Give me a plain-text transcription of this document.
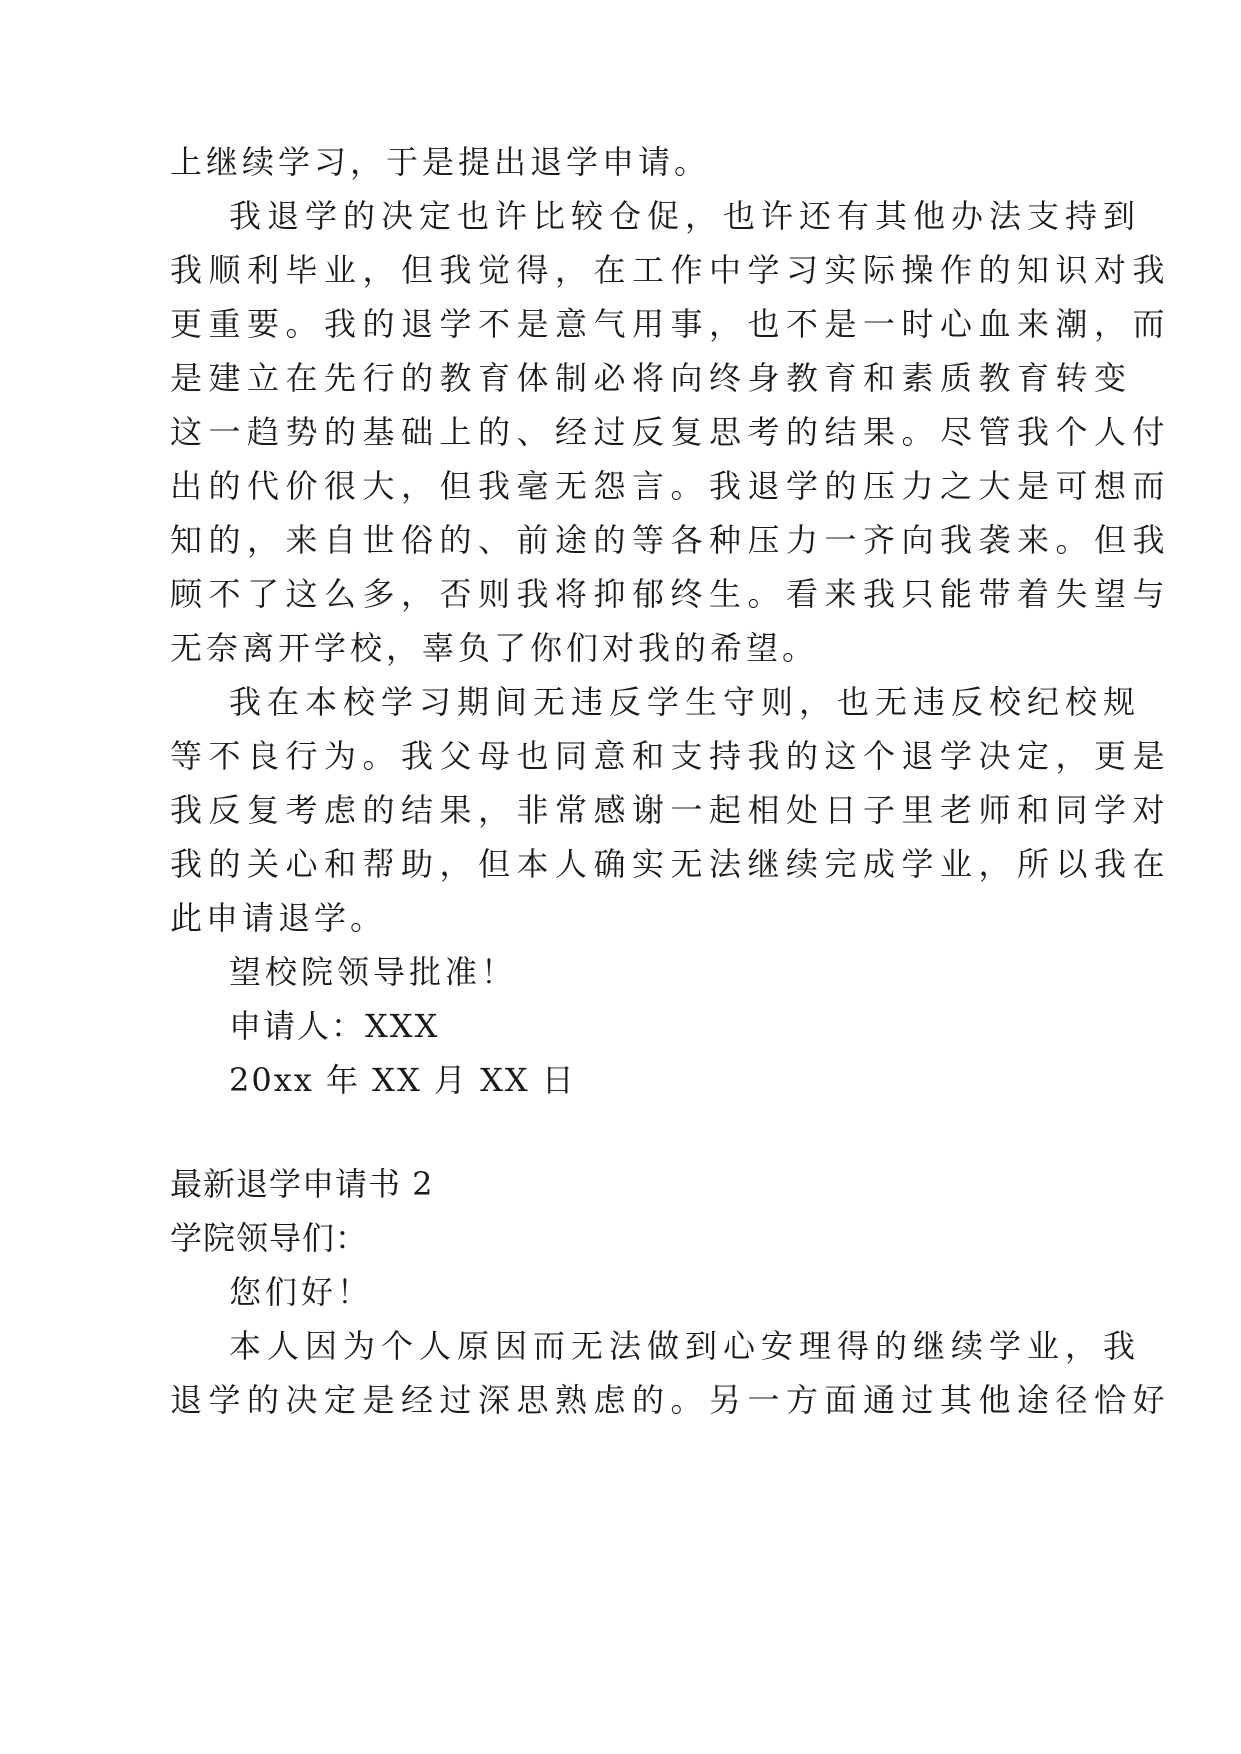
上继续学习，于是提出退学申请。
我退学的决定也许比较仓促，也许还有其他办法支持到
我顺利毕业，但我觉得，在工作中学习实际操作的知识对我
更重要。我的退学不是意气用事，也不是一时心血来潮，而
是建立在先行的教育体制必将向终身教育和素质教育转变
这一趋势的基础上的、经过反复思考的结果。尽管我个人付
出的代价很大，但我毫无怨言。我退学的压力之大是可想而
知的，来自世俗的、前途的等各种压力一齐向我袭来。但我
顾不了这么多，否则我将抑郁终生。看来我只能带着失望与
无奈离开学校，辜负了你们对我的希望。
我在本校学习期间无违反学生守则，也无违反校纪校规
等不良行为。我父母也同意和支持我的这个退学决定，更是
我反复考虑的结果，非常感谢一起相处日子里老师和同学对
我的关心和帮助，但本人确实无法继续完成学业，所以我在
此申请退学。
望校院领导批准！
申请人：XXX
20xx 年 XX 月 XX 日
最新退学申请书 2
学院领导们：
您们好！
本人因为个人原因而无法做到心安理得的继续学业，我
退学的决定是经过深思熟虑的。另一方面通过其他途径恰好
